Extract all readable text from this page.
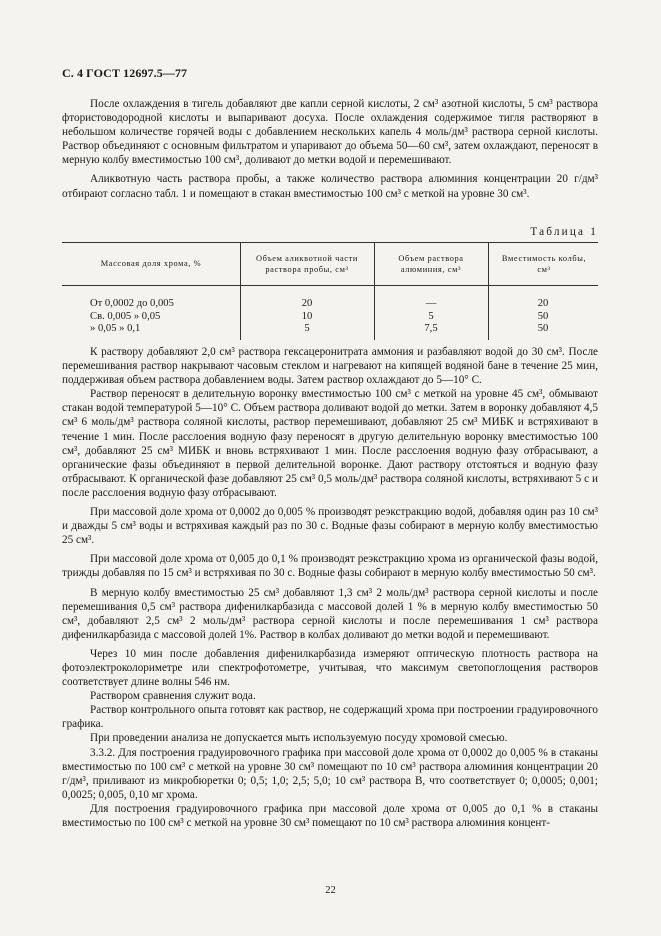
С. 4 ГОСТ 12697.5—77

После охлаждения в тигель добавляют две капли серной кислоты, 2 см³ азотной кислоты, 5 см³ раствора фтористоводородной кислоты и выпаривают досуха. После охлаждения содержимое тигля растворяют в небольшом количестве горячей воды с добавлением нескольких капель 4 моль/дм³ раствора серной кислоты. Раствор объединяют с основным фильтратом и упаривают до объема 50—60 см³, затем охлаждают, переносят в мерную колбу вместимостью 100 см³, доливают до метки водой и перемешивают.

Аликвотную часть раствора пробы, а также количество раствора алюминия концентрации 20 г/дм³ отбирают согласно табл. 1 и помещают в стакан вместимостью 100 см³ с меткой на уровне 30 см³.

Таблица 1
Массовая доля хрома, %
Объем аликвотной части раствора пробы, см³
Объем раствора алюминия, см³
Вместимость колбы, см³
От 0,0002 до 0,005	20	—	20
Св. 0,005 » 0,05	10	5	50
» 0,05 » 0,1	5	7,5	50

К раствору добавляют 2,0 см³ раствора гексацеронитрата аммония и разбавляют водой до 30 см³. После перемешивания раствор накрывают часовым стеклом и нагревают на кипящей водяной бане в течение 25 мин, поддерживая объем раствора добавлением воды. Затем раствор охлаждают до 5—10° С.

Раствор переносят в делительную воронку вместимостью 100 см³ с меткой на уровне 45 см³, обмывают стакан водой температурой 5—10° С. Объем раствора доливают водой до метки. Затем в воронку добавляют 4,5 см³ 6 моль/дм³ раствора соляной кислоты, раствор перемешивают, добавляют 25 см³ МИБК и встряхивают в течение 1 мин. После расслоения водную фазу переносят в другую делительную воронку вместимостью 100 см³, добавляют 25 см³ МИБК и вновь встряхивают 1 мин. После расслоения водную фазу отбрасывают, а органические фазы объединяют в первой делительной воронке. Дают раствору отстояться и водную фазу отбрасывают. К органической фазе добавляют 25 см³ 0,5 моль/дм³ раствора соляной кислоты, встряхивают 5 с и после расслоения водную фазу отбрасывают.

При массовой доле хрома от 0,0002 до 0,005 % производят реэкстракцию водой, добавляя один раз 10 см³ и дважды 5 см³ воды и встряхивая каждый раз по 30 с. Водные фазы собирают в мерную колбу вместимостью 25 см³.

При массовой доле хрома от 0,005 до 0,1 % производят реэкстракцию хрома из органической фазы водой, трижды добавляя по 15 см³ и встряхивая по 30 с. Водные фазы собирают в мерную колбу вместимостью 50 см³.

В мерную колбу вместимостью 25 см³ добавляют 1,3 см³ 2 моль/дм³ раствора серной кислоты и после перемешивания 0,5 см³ раствора дифенилкарбазида с массовой долей 1 % в мерную колбу вместимостью 50 см³, добавляют 2,5 см³ 2 моль/дм³ раствора серной кислоты и после перемешивания 1 см³ раствора дифенилкарбазида с массовой долей 1%. Раствор в колбах доливают до метки водой и перемешивают.

Через 10 мин после добавления дифенилкарбазида измеряют оптическую плотность раствора на фотоэлектроколориметре или спектрофотометре, учитывая, что максимум светопоглощения растворов соответствует длине волны 546 нм.

Раствором сравнения служит вода.

Раствор контрольного опыта готовят как раствор, не содержащий хрома при построении градуировочного графика.

При проведении анализа не допускается мыть используемую посуду хромовой смесью.

3.3.2. Для построения градуировочного графика при массовой доле хрома от 0,0002 до 0,005 % в стаканы вместимостью по 100 см³ с меткой на уровне 30 см³ помещают по 10 см³ раствора алюминия концентрации 20 г/дм³, приливают из микробюретки 0; 0,5; 1,0; 2,5; 5,0; 10 см³ раствора В, что соответствует 0; 0,0005; 0,001; 0,0025; 0,005, 0,10 мг хрома.

Для построения градуировочного графика при массовой доле хрома от 0,005 до 0,1 % в стаканы вместимостью по 100 см³ с меткой на уровне 30 см³ помещают по 10 см³ раствора алюминия концент-

22
